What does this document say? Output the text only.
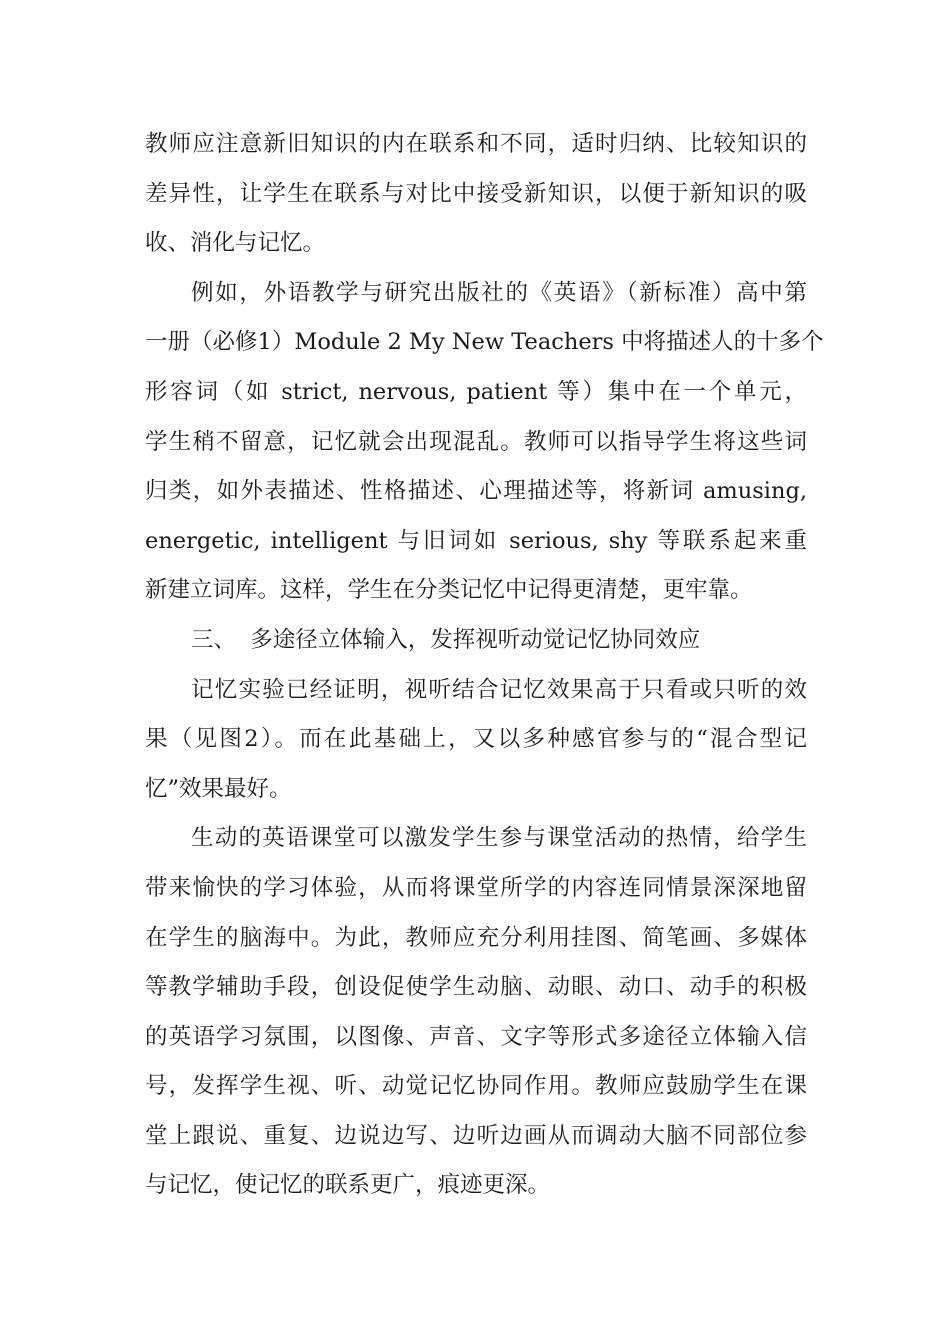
教师应注意新旧知识的内在联系和不同，适时归纳、比较知识的
差异性，让学生在联系与对比中接受新知识，以便于新知识的吸
收、消化与记忆。

例如，外语教学与研究出版社的《英语》（新标准）高中第
一册（必修1）Module 2 My New Teachers 中将描述人的十多个
形容词（如 strict, nervous, patient 等）集中在一个单元，
学生稍不留意，记忆就会出现混乱。教师可以指导学生将这些词
归类，如外表描述、性格描述、心理描述等，将新词 amusing,
energetic, intelligent 与旧词如 serious, shy 等联系起来重
新建立词库。这样，学生在分类记忆中记得更清楚，更牢靠。

三、  多途径立体输入，发挥视听动觉记忆协同效应

记忆实验已经证明，视听结合记忆效果高于只看或只听的效
果（见图2）。而在此基础上，又以多种感官参与的“混合型记
忆”效果最好。

生动的英语课堂可以激发学生参与课堂活动的热情，给学生
带来愉快的学习体验，从而将课堂所学的内容连同情景深深地留
在学生的脑海中。为此，教师应充分利用挂图、简笔画、多媒体
等教学辅助手段，创设促使学生动脑、动眼、动口、动手的积极
的英语学习氛围，以图像、声音、文字等形式多途径立体输入信
号，发挥学生视、听、动觉记忆协同作用。教师应鼓励学生在课
堂上跟说、重复、边说边写、边听边画从而调动大脑不同部位参
与记忆，使记忆的联系更广，痕迹更深。
